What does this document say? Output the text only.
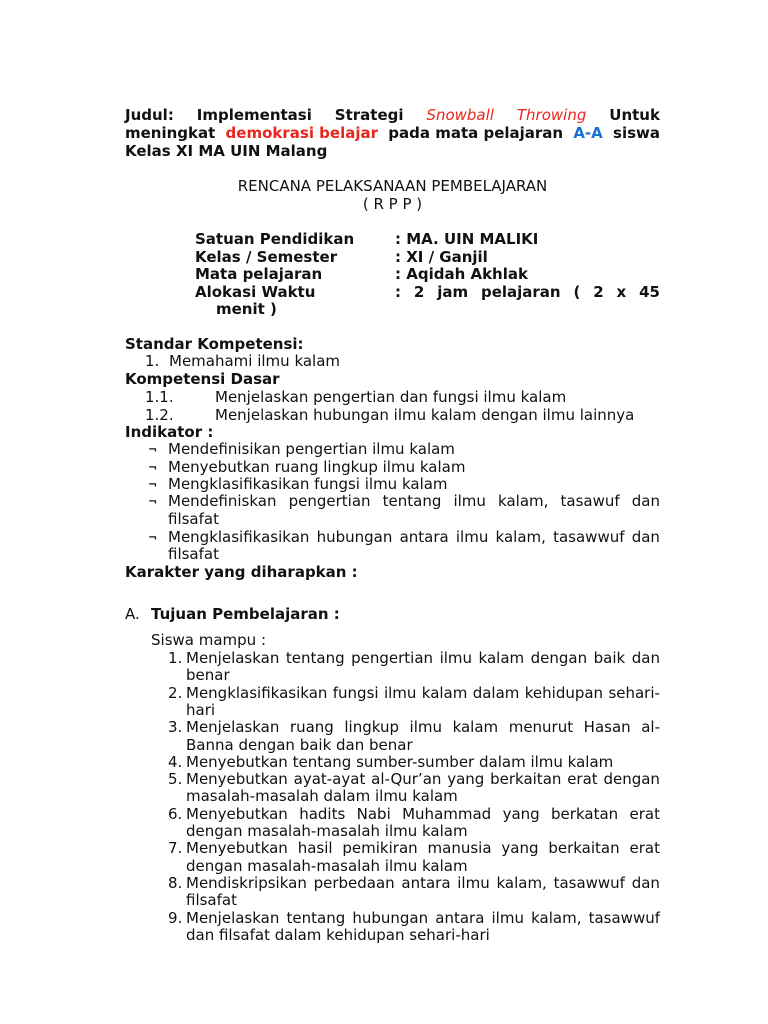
Judul: Implementasi Strategi Snowball Throwing Untuk
meningkat demokrasi belajar pada mata pelajaran A-A siswa
Kelas XI MA UIN Malang
RENCANA PELAKSANAAN PEMBELAJARAN
( R P P )
Satuan Pendidikan	: MA. UIN MALIKI
Kelas / Semester	: XI / Ganjil
Mata pelajaran	: Aqidah Akhlak
Alokasi Waktu	: 2 jam pelajaran ( 2 x 45
menit )
Standar Kompetensi:
1. Memahami ilmu kalam
Kompetensi Dasar
1.1.	Menjelaskan pengertian dan fungsi ilmu kalam
1.2.	Menjelaskan hubungan ilmu kalam dengan ilmu lainnya
Indikator :
¬ Mendefinisikan pengertian ilmu kalam
¬ Menyebutkan ruang lingkup ilmu kalam
¬ Mengklasifikasikan fungsi ilmu kalam
¬ Mendefiniskan pengertian tentang ilmu kalam, tasawuf dan
filsafat
¬ Mengklasifikasikan hubungan antara ilmu kalam, tasawwuf dan
filsafat
Karakter yang diharapkan :
A. Tujuan Pembelajaran :
Siswa mampu :
1. Menjelaskan tentang pengertian ilmu kalam dengan baik dan
benar
2. Mengklasifikasikan fungsi ilmu kalam dalam kehidupan sehari-
hari
3. Menjelaskan ruang lingkup ilmu kalam menurut Hasan al-
Banna dengan baik dan benar
4. Menyebutkan tentang sumber-sumber dalam ilmu kalam
5. Menyebutkan ayat-ayat al-Qur’an yang berkaitan erat dengan
masalah-masalah dalam ilmu kalam
6. Menyebutkan hadits Nabi Muhammad yang berkatan erat
dengan masalah-masalah ilmu kalam
7. Menyebutkan hasil pemikiran manusia yang berkaitan erat
dengan masalah-masalah ilmu kalam
8. Mendiskripsikan perbedaan antara ilmu kalam, tasawwuf dan
filsafat
9. Menjelaskan tentang hubungan antara ilmu kalam, tasawwuf
dan filsafat dalam kehidupan sehari-hari
